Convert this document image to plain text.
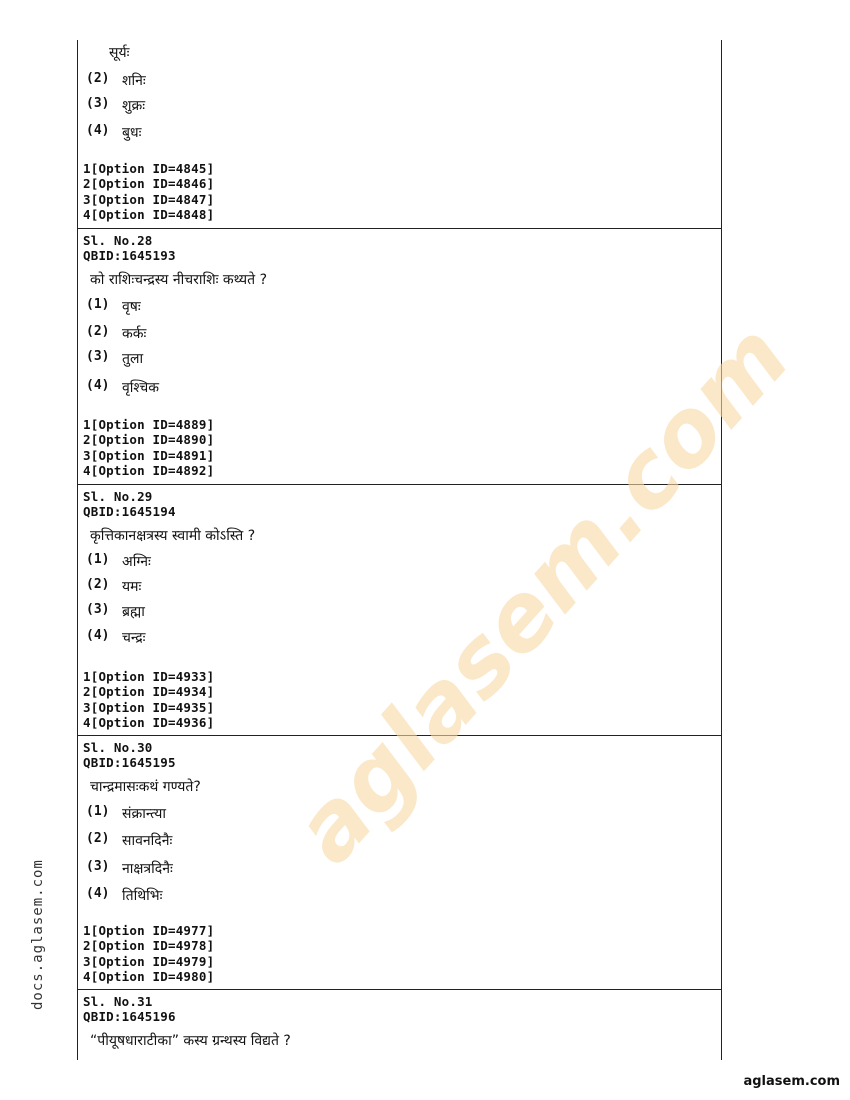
सूर्यः
(2) शनिः
(3) शुक्रः
(4) बुधः
1[Option ID=4845]
2[Option ID=4846]
3[Option ID=4847]
4[Option ID=4848]
Sl. No.28
QBID:1645193
को राशिःचन्द्रस्य नीचराशिः कथ्यते ?
(1) वृषः
(2) कर्कः
(3) तुला
(4) वृश्चिक
1[Option ID=4889]
2[Option ID=4890]
3[Option ID=4891]
4[Option ID=4892]
Sl. No.29
QBID:1645194
कृत्तिकानक्षत्रस्य स्वामी कोऽस्ति ?
(1) अग्निः
(2) यमः
(3) ब्रह्मा
(4) चन्द्रः
1[Option ID=4933]
2[Option ID=4934]
3[Option ID=4935]
4[Option ID=4936]
Sl. No.30
QBID:1645195
चान्द्रमासःकथं गण्यते?
(1) संक्रान्त्या
(2) सावनदिनैः
(3) नाक्षत्रदिनैः
(4) तिथिभिः
1[Option ID=4977]
2[Option ID=4978]
3[Option ID=4979]
4[Option ID=4980]
Sl. No.31
QBID:1645196
“पीयूषधाराटीका” कस्य ग्रन्थस्य विद्यते ?
aglasem.com
docs.aglasem.com
aglasem.com
